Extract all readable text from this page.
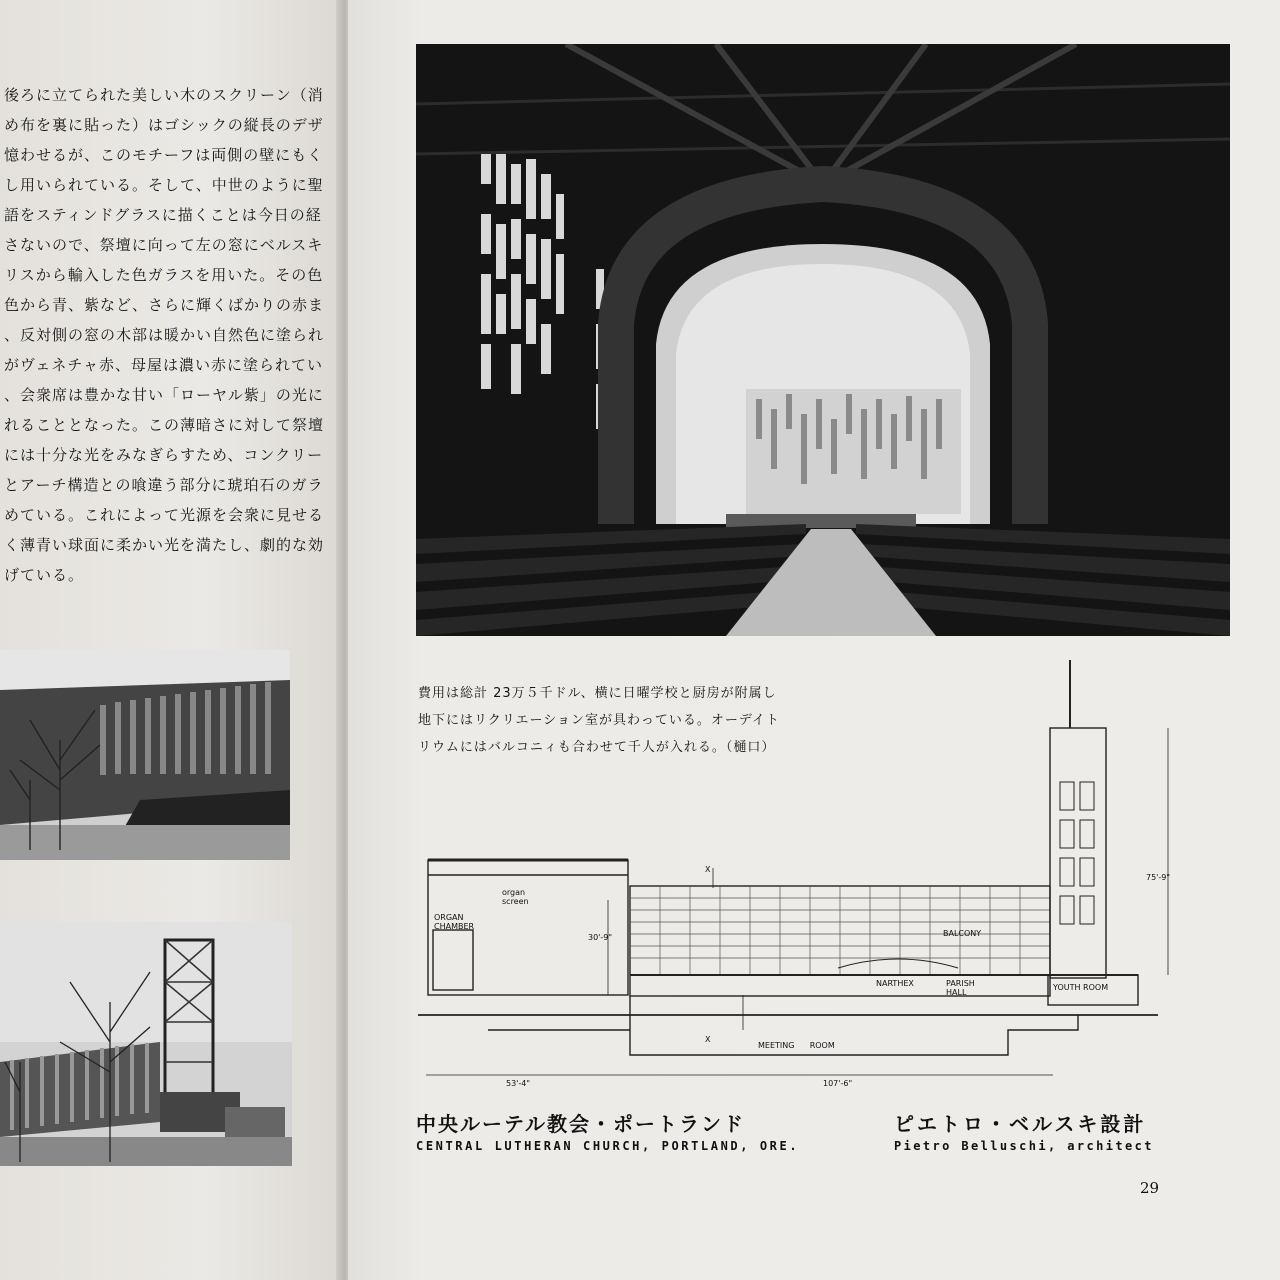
後ろに立てられた美しい木のスクリーン（消
め布を裏に貼った）はゴシックの縦長のデザ
憶わせるが、このモチーフは両側の壁にもく
し用いられている。そして、中世のように聖
語をスティンドグラスに描くことは今日の経
さないので、祭壇に向って左の窓にベルスキ
リスから輸入した色ガラスを用いた。その色
色から青、紫など、さらに輝くばかりの赤ま
、反対側の窓の木部は暖かい自然色に塗られ
がヴェネチャ赤、母屋は濃い赤に塗られてい
、会衆席は豊かな甘い「ローヤル紫」の光に
れることとなった。この薄暗さに対して祭壇
には十分な光をみなぎらすため、コンクリー
とアーチ構造との喰違う部分に琥珀石のガラ
めている。これによって光源を会衆に見せる
く薄青い球面に柔かい光を満たし、劇的な効
げている。
費用は総計 23万５千ドル、横に日曜学校と厨房が附属し
地下にはリクリエーション室が具わっている。オーデイト
リウムにはバルコニィも合わせて千人が入れる。（樋口）
ORGAN
CHAMBER
organ
screen
BALCONY
NARTHEX	PARISH
HALL
YOUTH ROOM
MEETING      ROOM
30'-9"
75'-9"
53'-4"	107'-6"
X
X
中央ルーテル教会・ポートランド
CENTRAL LUTHERAN CHURCH, PORTLAND, ORE.
ピエトロ・ベルスキ設計
Pietro Belluschi, architect
29
